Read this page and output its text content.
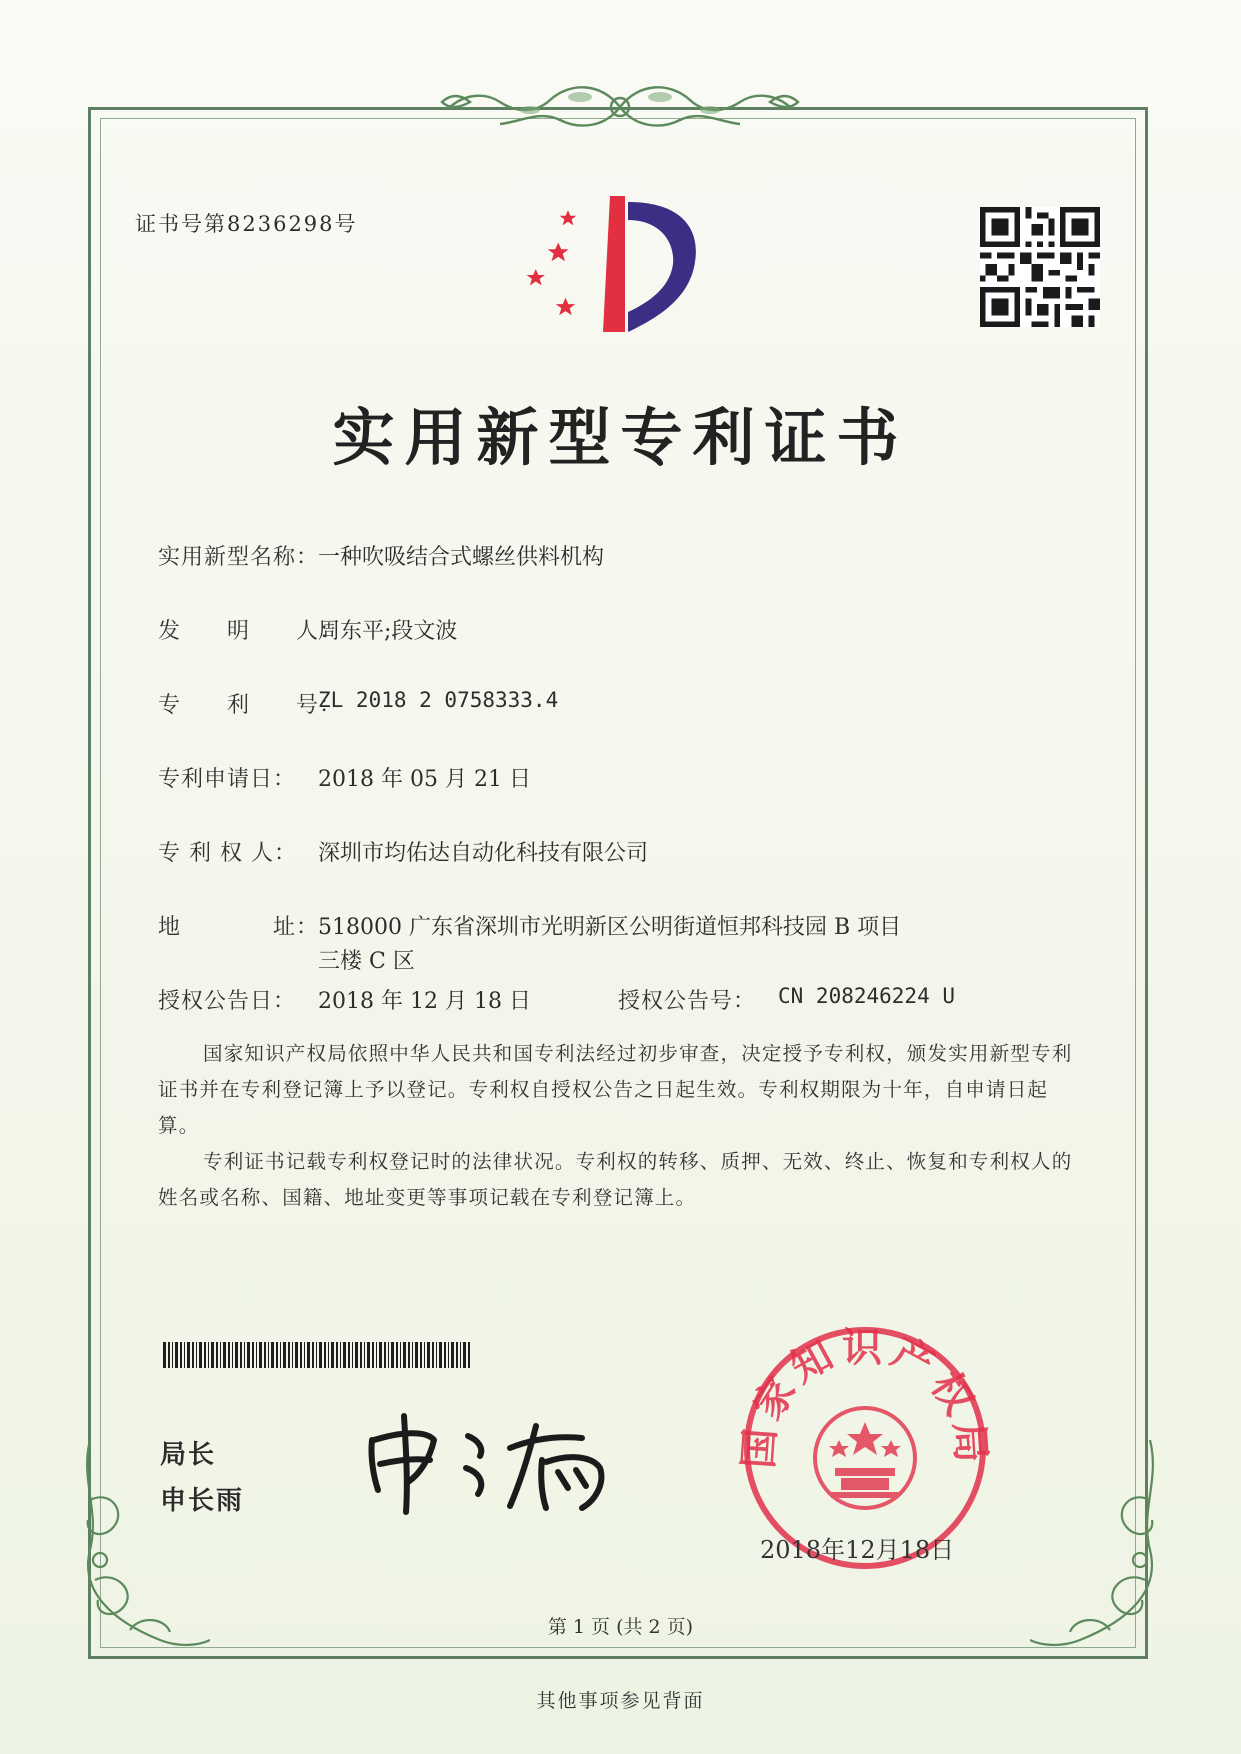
证书号第8236298号
实用新型专利证书
实用新型名称：
一种吹吸结合式螺丝供料机构
发　　明　　人：
周东平;段文波
专　　利　　号：
ZL 2018 2 0758333.4
专利申请日： 2018 年 05 月 21 日
专 利 权 人： 深圳市均佑达自动化科技有限公司
地　　　　址：
518000 广东省深圳市光明新区公明街道恒邦科技园 B 项目
三楼 C 区
授权公告日： 2018 年 12 月 18 日	授权公告号： CN 208246224 U

国家知识产权局依照中华人民共和国专利法经过初步审查，决定授予专利权，颁发实用新型专利证书并在专利登记簿上予以登记。专利权自授权公告之日起生效。专利权期限为十年，自申请日起算。

专利证书记载专利权登记时的法律状况。专利权的转移、质押、无效、终止、恢复和专利权人的姓名或名称、国籍、地址变更等事项记载在专利登记簿上。

局长
申长雨
国家知识产权局
2018年12月18日
第 1 页 (共 2 页)
其他事项参见背面
